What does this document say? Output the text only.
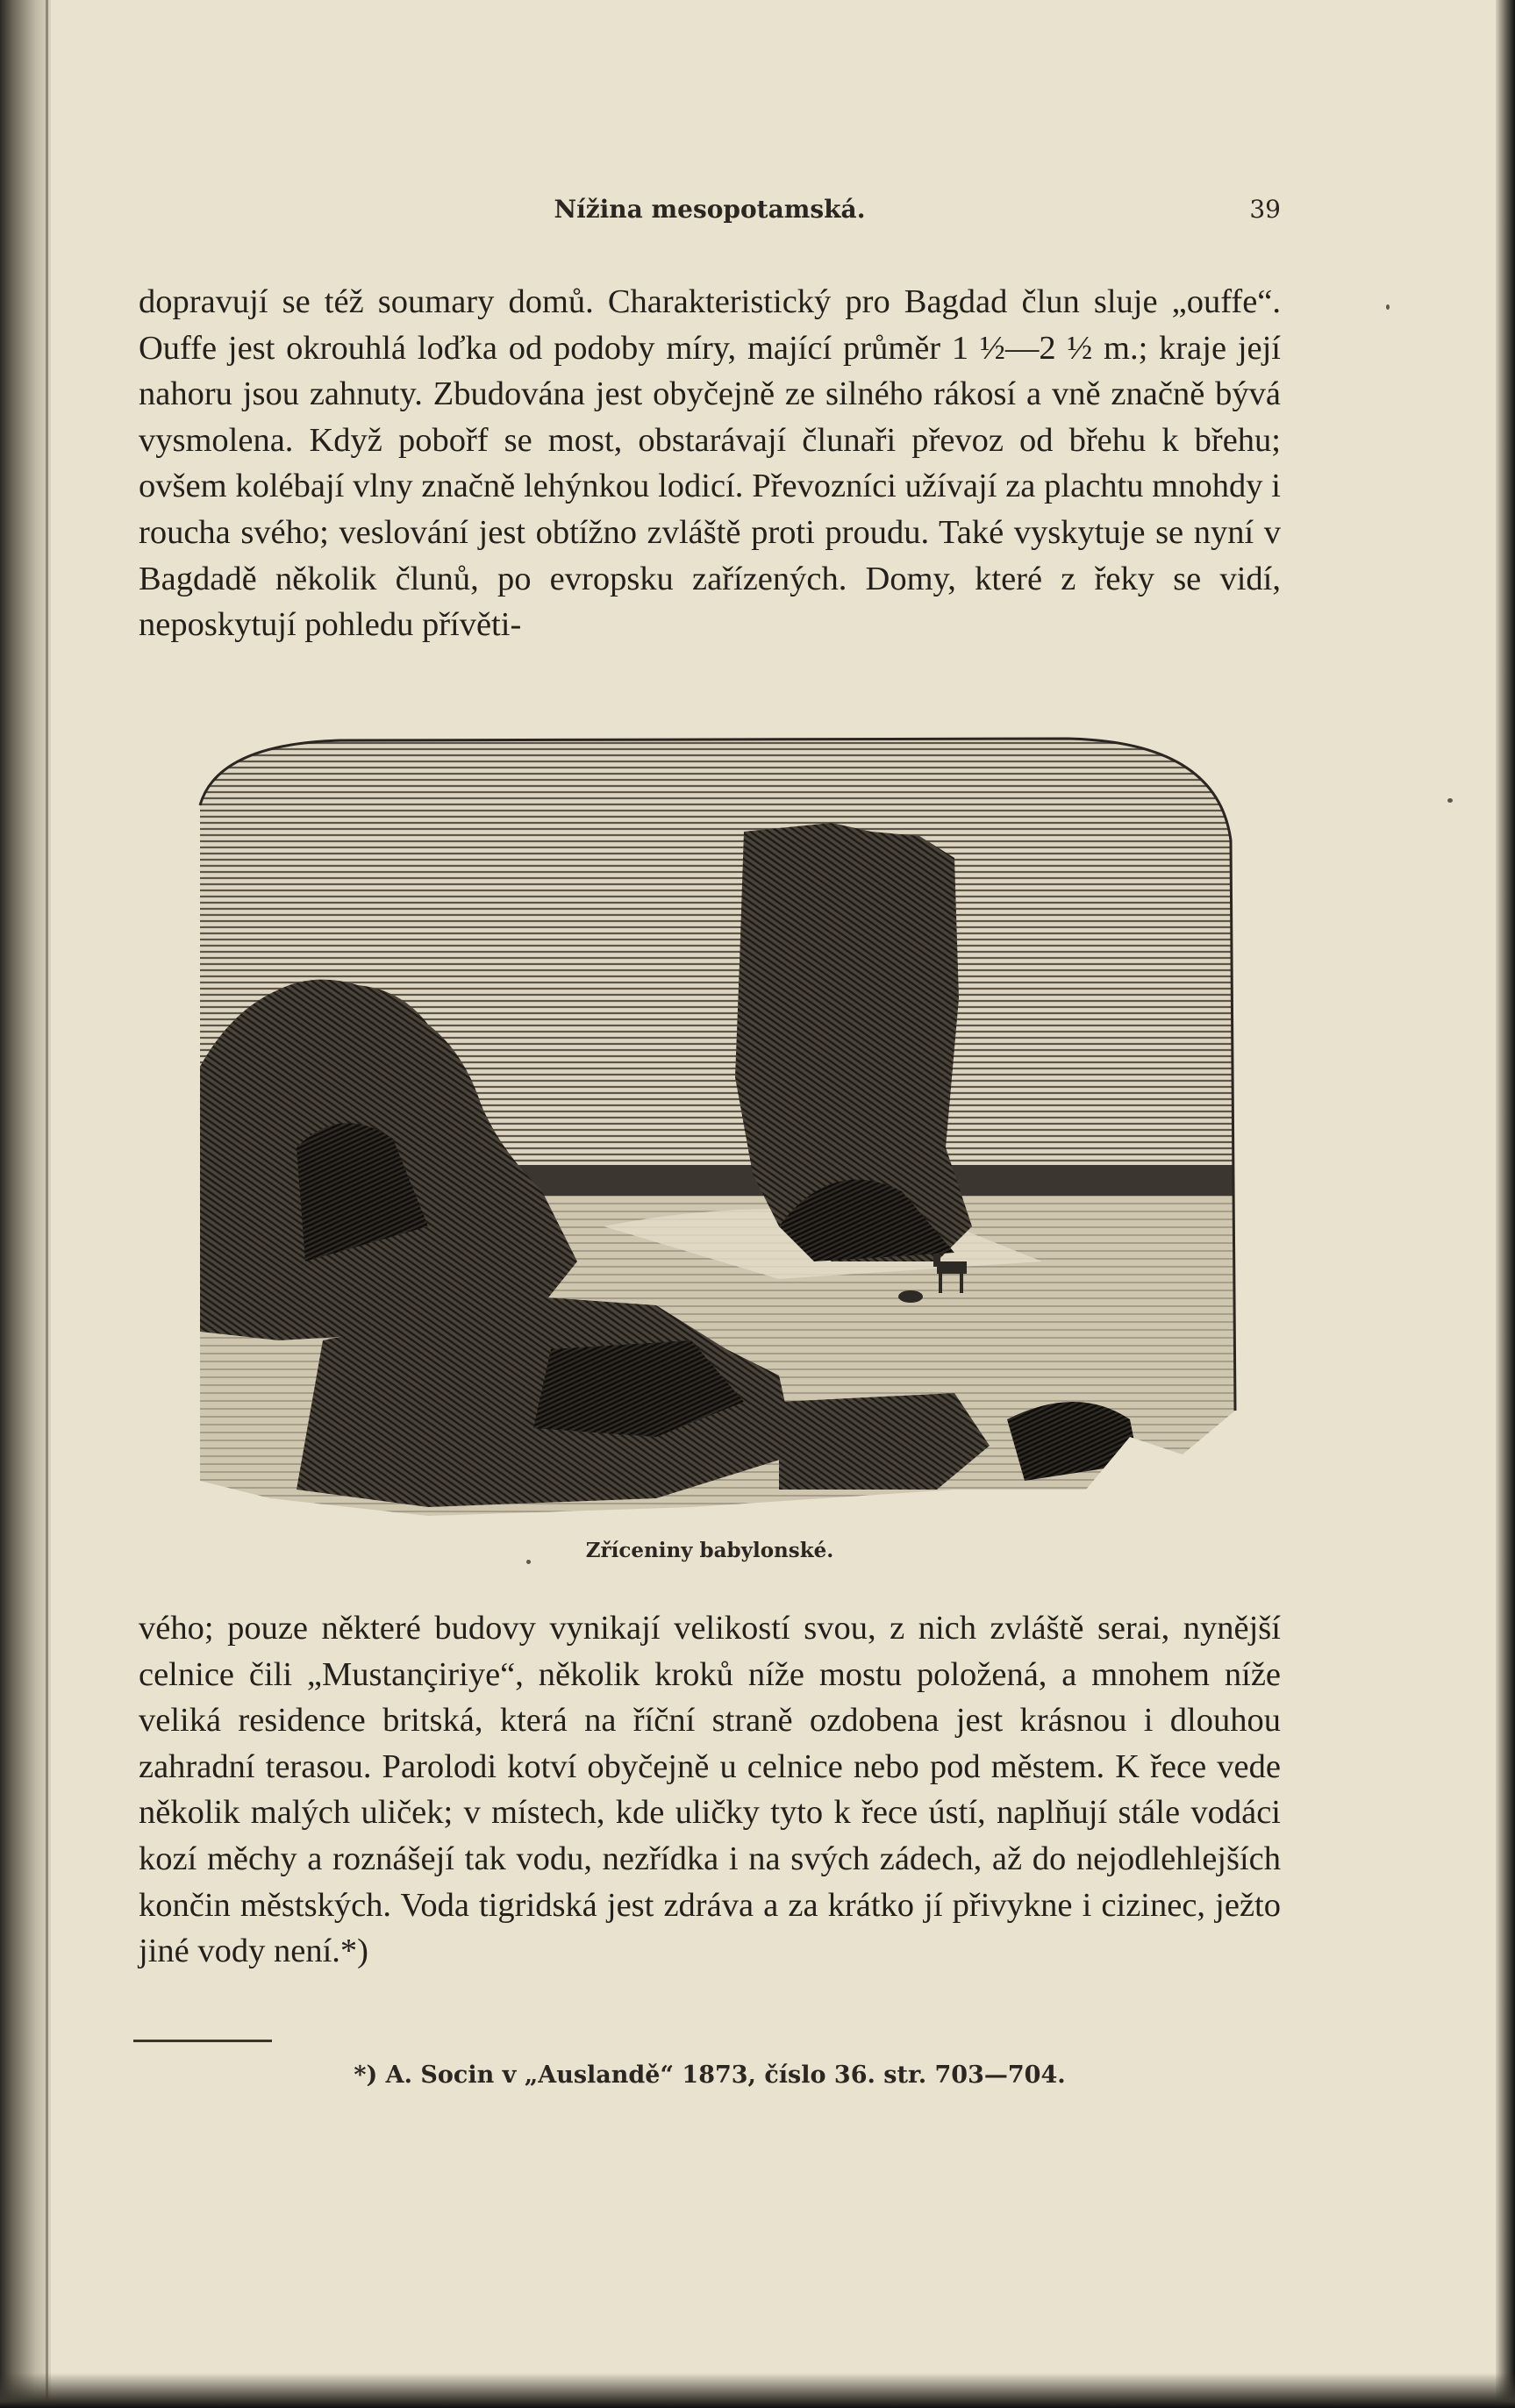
Nížina mesopotamská.	39

dopravují se též soumary domů. Charakteristický pro Bagdad člun sluje „ouffe“. Ouffe jest okrouhlá loďka od podoby míry, mající průměr 1 ½—2 ½ m.; kraje její nahoru jsou zahnuty. Zbudována jest obyčejně ze silného rákosí a vně značně bývá vysmolena. Když pobořf se most, obstarávají člunaři převoz od břehu k břehu; ovšem kolébají vlny značně lehýnkou lodicí. Převozníci užívají za plachtu mnohdy i roucha svého; veslování jest obtížno zvláště proti proudu. Také vyskytuje se nyní v Bagdadě několik člunů, po evropsku zařízených. Domy, které z řeky se vidí, neposkytují pohledu přívěti-

Zříceniny babylonské.

vého; pouze některé budovy vynikají velikostí svou, z nich zvláště serai, nynější celnice čili „Mustançiriye“, několik kroků níže mostu položená, a mnohem níže veliká residence britská, která na říční straně ozdobena jest krásnou i dlouhou zahradní terasou. Parolodi kotví obyčejně u celnice nebo pod městem. K řece vede několik malých uliček; v místech, kde uličky tyto k řece ústí, naplňují stále vodáci kozí měchy a roznášejí tak vodu, nezřídka i na svých zádech, až do nejodlehlejších končin městských. Voda tigridská jest zdráva a za krátko jí přivykne i cizinec, ježto jiné vody není.*)

*) A. Socin v „Auslandě“ 1873, číslo 36. str. 703—704.
